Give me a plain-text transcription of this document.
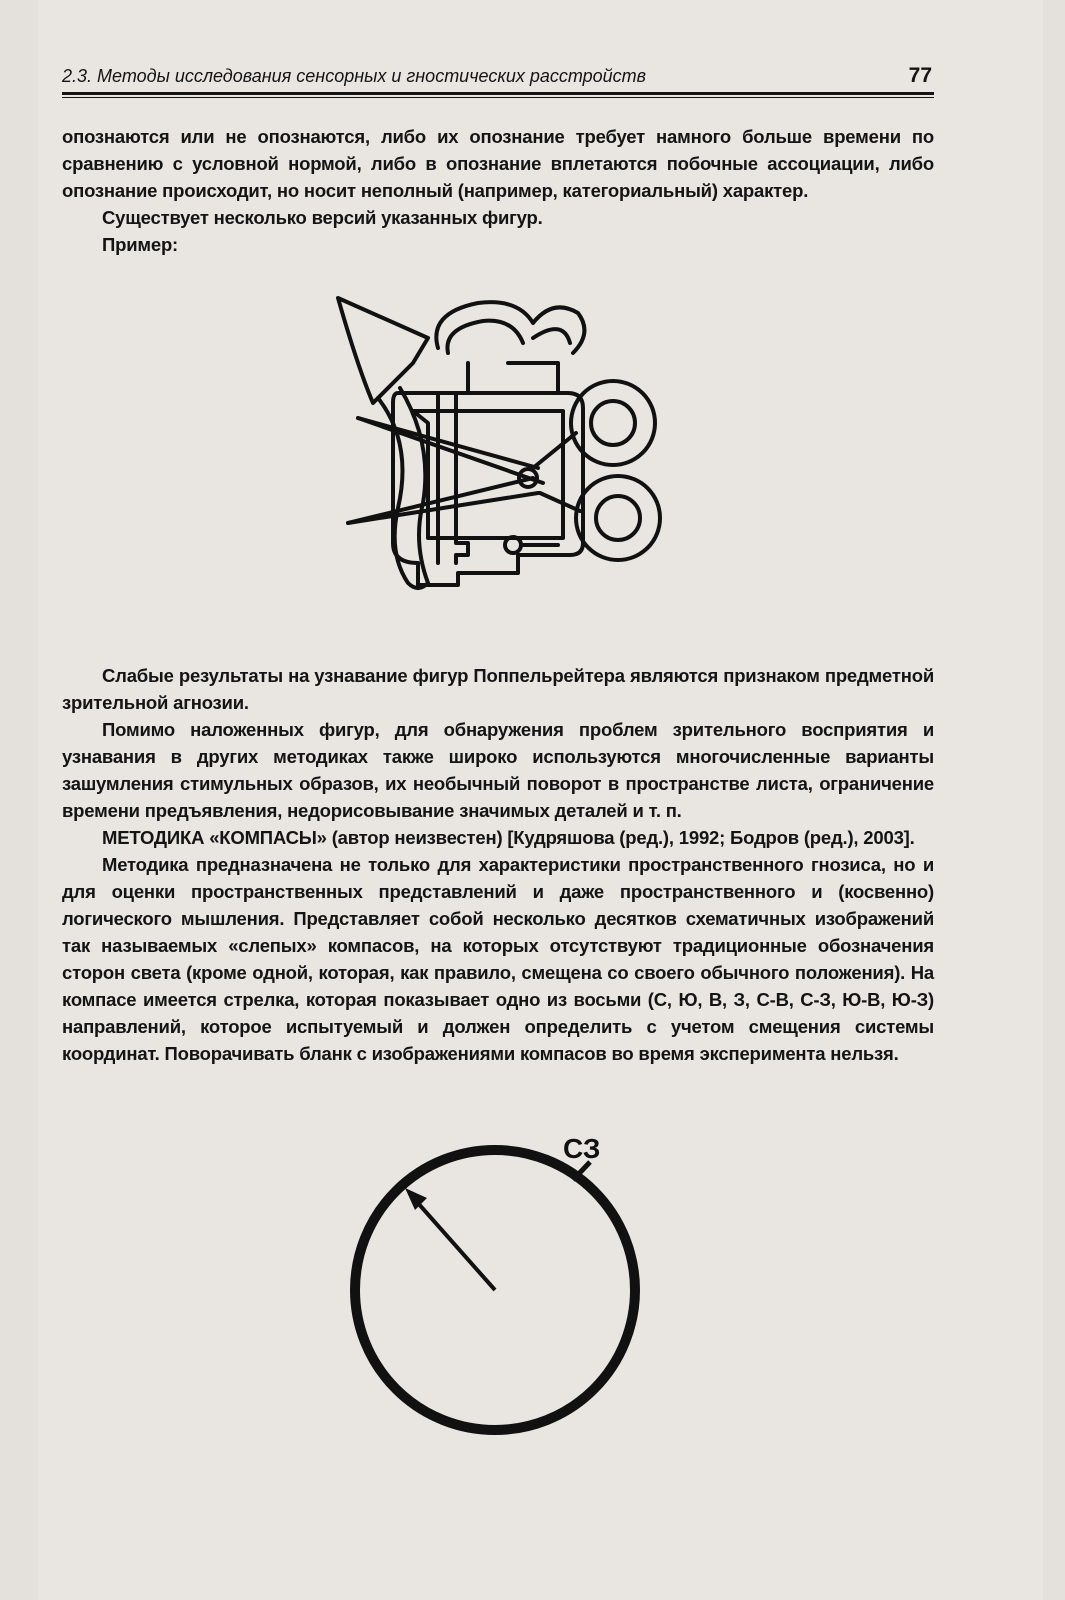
2.3. Методы исследования сенсорных и гностических расстройств	77

опознаются или не опознаются, либо их опознание требует намного больше времени по сравнению с условной нормой, либо в опознание вплетаются побочные ассоциации, либо опознание происходит, но носит неполный (например, категориальный) характер.

Существует несколько версий указанных фигур.

Пример:

Слабые результаты на узнавание фигур Поппельрейтера являются признаком предметной зрительной агнозии.

Помимо наложенных фигур, для обнаружения проблем зрительного восприятия и узнавания в других методиках также широко используются многочисленные варианты зашумления стимульных образов, их необычный поворот в пространстве листа, ограничение времени предъявления, недорисовывание значимых деталей и т. п.

МЕТОДИКА «КОМПАСЫ» (автор неизвестен) [Кудряшова (ред.), 1992; Бодров (ред.), 2003].

Методика предназначена не только для характеристики пространственного гнозиса, но и для оценки пространственных представлений и даже пространственного и (косвенно) логического мышления. Представляет собой несколько десятков схематичных изображений так называемых «слепых» компасов, на которых отсутствуют традиционные обозначения сторон света (кроме одной, которая, как правило, смещена со своего обычного положения). На компасе имеется стрелка, которая показывает одно из восьми (С, Ю, В, З, С-В, С-З, Ю-В, Ю-З) направлений, которое испытуемый и должен определить с учетом смещения системы координат. Поворачивать бланк с изображениями компасов во время эксперимента нельзя.

СЗ
